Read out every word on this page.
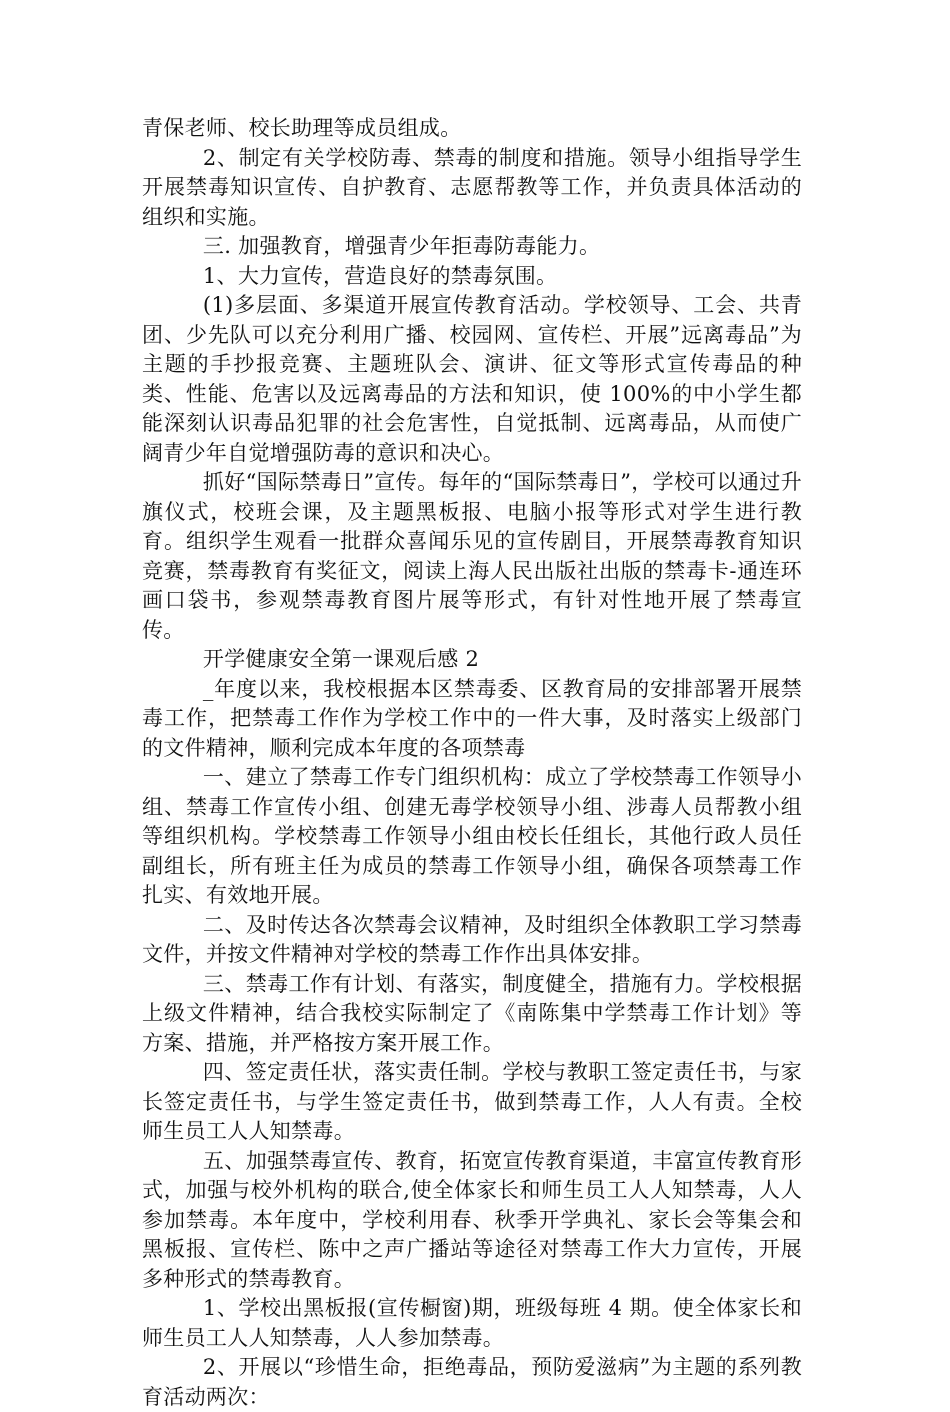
青保老师、校长助理等成员组成。

2、制定有关学校防毒、禁毒的制度和措施。领导小组指导学生开展禁毒知识宣传、自护教育、志愿帮教等工作，并负责具体活动的组织和实施。

三. 加强教育，增强青少年拒毒防毒能力。

1、大力宣传，营造良好的禁毒氛围。

(1)多层面、多渠道开展宣传教育活动。学校领导、工会、共青团、少先队可以充分利用广播、校园网、宣传栏、开展”远离毒品”为主题的手抄报竞赛、主题班队会、演讲、征文等形式宣传毒品的种类、性能、危害以及远离毒品的方法和知识，使 100%的中小学生都能深刻认识毒品犯罪的社会危害性，自觉抵制、远离毒品，从而使广阔青少年自觉增强防毒的意识和决心。

抓好“国际禁毒日”宣传。每年的“国际禁毒日”，学校可以通过升旗仪式，校班会课，及主题黑板报、电脑小报等形式对学生进行教育。组织学生观看一批群众喜闻乐见的宣传剧目，开展禁毒教育知识竞赛，禁毒教育有奖征文，阅读上海人民出版社出版的禁毒卡-通连环画口袋书，参观禁毒教育图片展等形式，有针对性地开展了禁毒宣传。

开学健康安全第一课观后感 2

_年度以来，我校根据本区禁毒委、区教育局的安排部署开展禁毒工作，把禁毒工作作为学校工作中的一件大事，及时落实上级部门的文件精神，顺利完成本年度的各项禁毒

一、建立了禁毒工作专门组织机构：成立了学校禁毒工作领导小组、禁毒工作宣传小组、创建无毒学校领导小组、涉毒人员帮教小组等组织机构。学校禁毒工作领导小组由校长任组长，其他行政人员任副组长，所有班主任为成员的禁毒工作领导小组，确保各项禁毒工作扎实、有效地开展。

二、及时传达各次禁毒会议精神，及时组织全体教职工学习禁毒文件，并按文件精神对学校的禁毒工作作出具体安排。

三、禁毒工作有计划、有落实，制度健全，措施有力。学校根据上级文件精神，结合我校实际制定了《南陈集中学禁毒工作计划》等方案、措施，并严格按方案开展工作。

四、签定责任状，落实责任制。学校与教职工签定责任书，与家长签定责任书，与学生签定责任书，做到禁毒工作，人人有责。全校师生员工人人知禁毒。

五、加强禁毒宣传、教育，拓宽宣传教育渠道，丰富宣传教育形式，加强与校外机构的联合,使全体家长和师生员工人人知禁毒，人人参加禁毒。本年度中，学校利用春、秋季开学典礼、家长会等集会和黑板报、宣传栏、陈中之声广播站等途径对禁毒工作大力宣传，开展多种形式的禁毒教育。

1、学校出黑板报(宣传橱窗)期，班级每班 4 期。使全体家长和师生员工人人知禁毒，人人参加禁毒。

2、开展以“珍惜生命，拒绝毒品，预防爱滋病”为主题的系列教育活动两次：
